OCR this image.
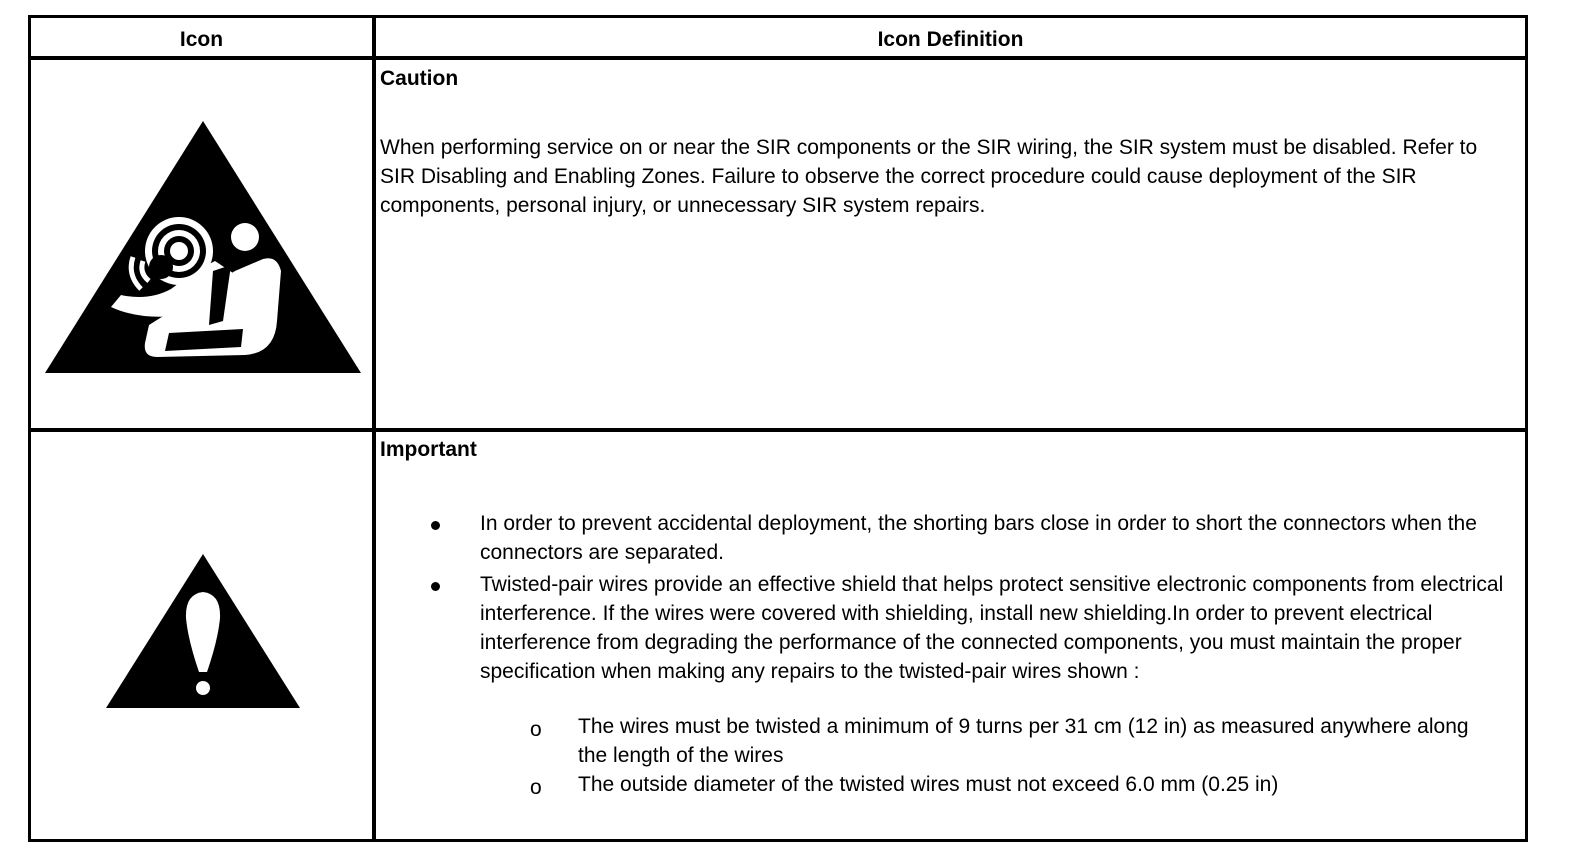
Icon	Icon Definition
Caution
When performing service on or near the SIR components or the SIR wiring, the SIR system must be disabled. Refer to SIR Disabling and Enabling Zones. Failure to observe the correct procedure could cause deployment of the SIR components, personal injury, or unnecessary SIR system repairs.
Important
In order to prevent accidental deployment, the shorting bars close in order to short the connectors when the connectors are separated.
Twisted-pair wires provide an effective shield that helps protect sensitive electronic components from electrical interference. If the wires were covered with shielding, install new shielding.In order to prevent electrical interference from degrading the performance of the connected components, you must maintain the proper specification when making any repairs to the twisted-pair wires shown :
o The wires must be twisted a minimum of 9 turns per 31 cm (12 in) as measured anywhere along the length of the wires
o The outside diameter of the twisted wires must not exceed 6.0 mm (0.25 in)
